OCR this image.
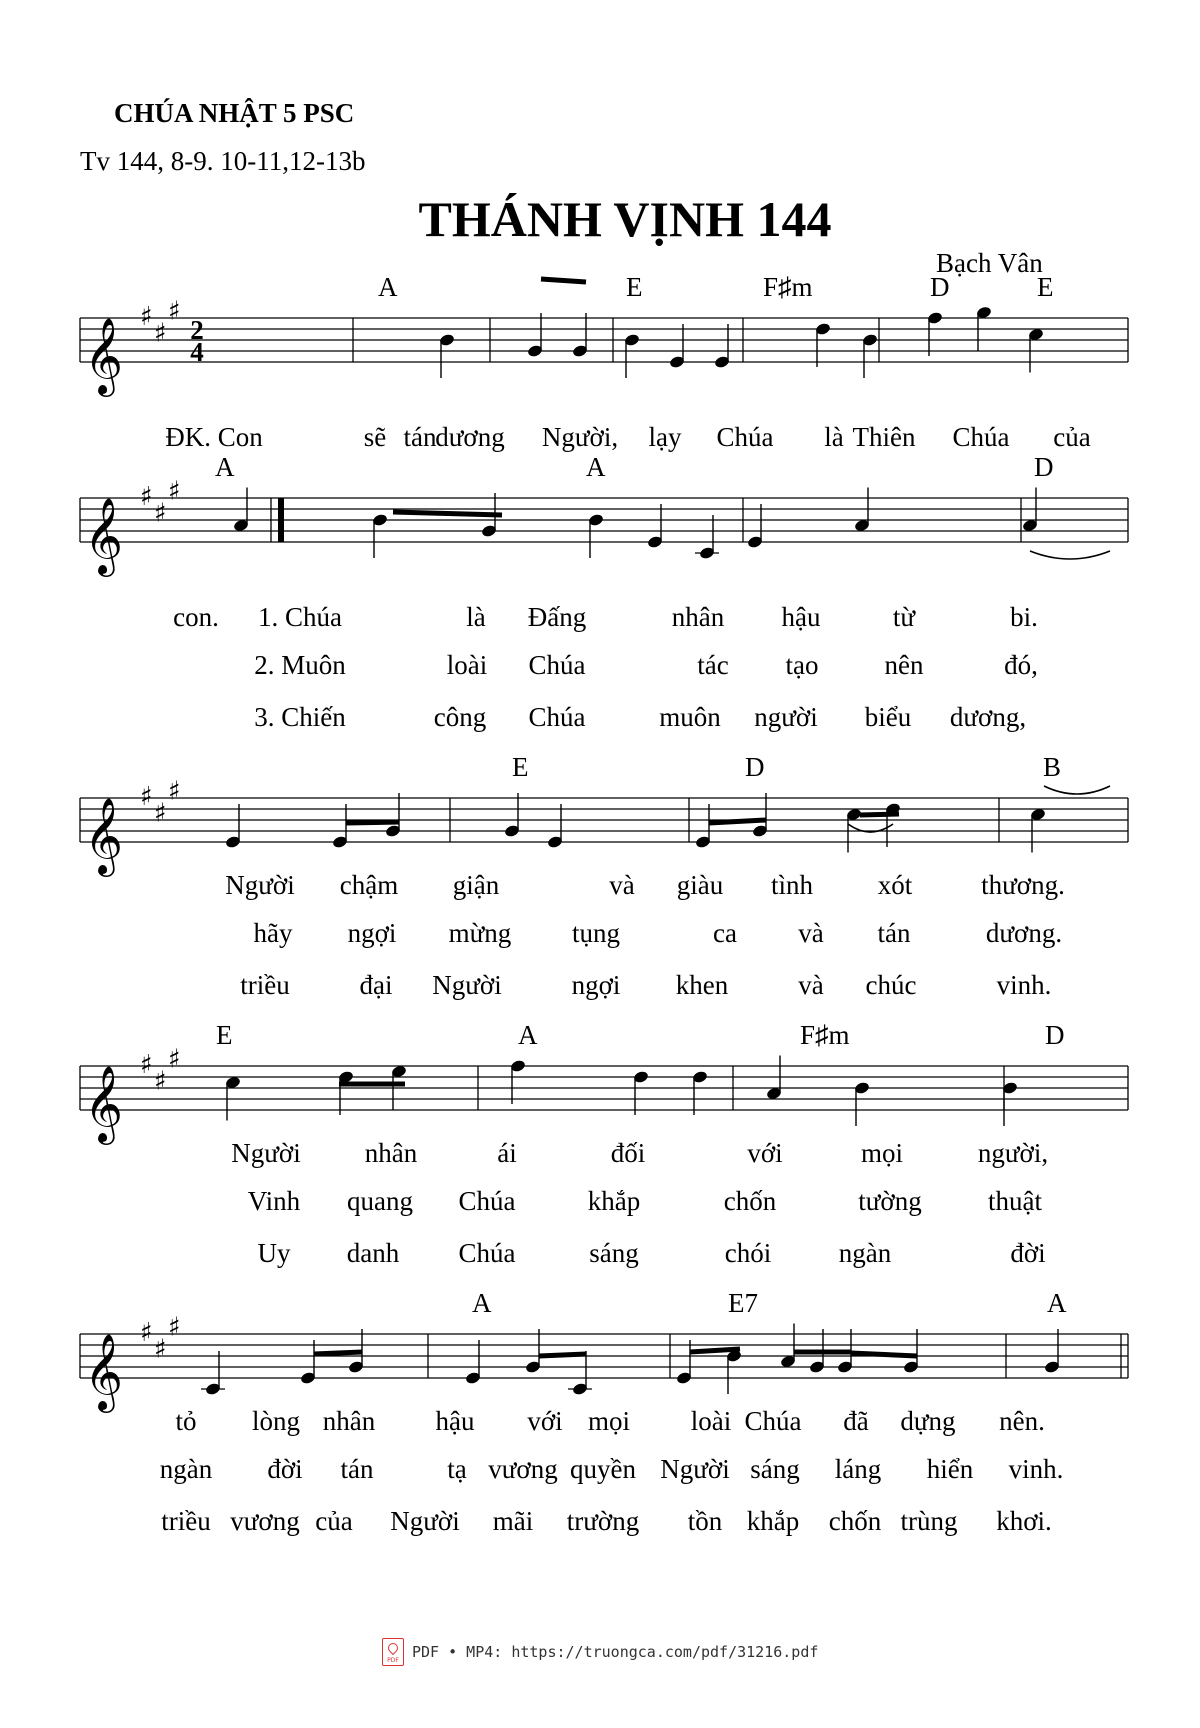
CHÚA NHẬT 5 PSC
Tv 144, 8-9. 10-11,12-13b
THÁNH VỊNH 144
Bạch Vân
𝄞 ♯
♯
♯
2
4
A	E	F♯m	D	E
ĐK. Con	sẽ tán
dương Người, lạy Chúa là Thiên Chúa của
𝄞 ♯
♯
♯
A	A	D
con. 1. Chúa	là Đấng	nhân hậu	từ	bi.
2. Muôn	loài Chúa	tác tạo nên	đó,
3. Chiến	công Chúa	muôn người biểu dương,
𝄞 ♯
♯
♯
E	D	B
Người chậm giận	và giàu tình xót	thương.
hãy ngợi mừng tụng	ca và tán	dương.
triều	đại Người	ngợi khen	và chúc	vinh.
𝄞 ♯
♯
♯
E	A	F♯m	D
Người nhân	ái	đối	với	mọi	người,
Vinh quang Chúa	khắp	chốn	tường thuật
Uy danh Chúa	sáng	chói	ngàn	đời
𝄞 ♯
♯
♯
A	E7	A
tỏ lòng nhân hậu với mọi loài Chúa đã dựng nên.
ngàn đời tán	tạ vương quyền Người sáng láng hiển vinh.
triều vương của Người mãi trường tồn khắp chốn trùng khơi.
PDF
PDF • MP4: https://truongca.com/pdf/31216.pdf
